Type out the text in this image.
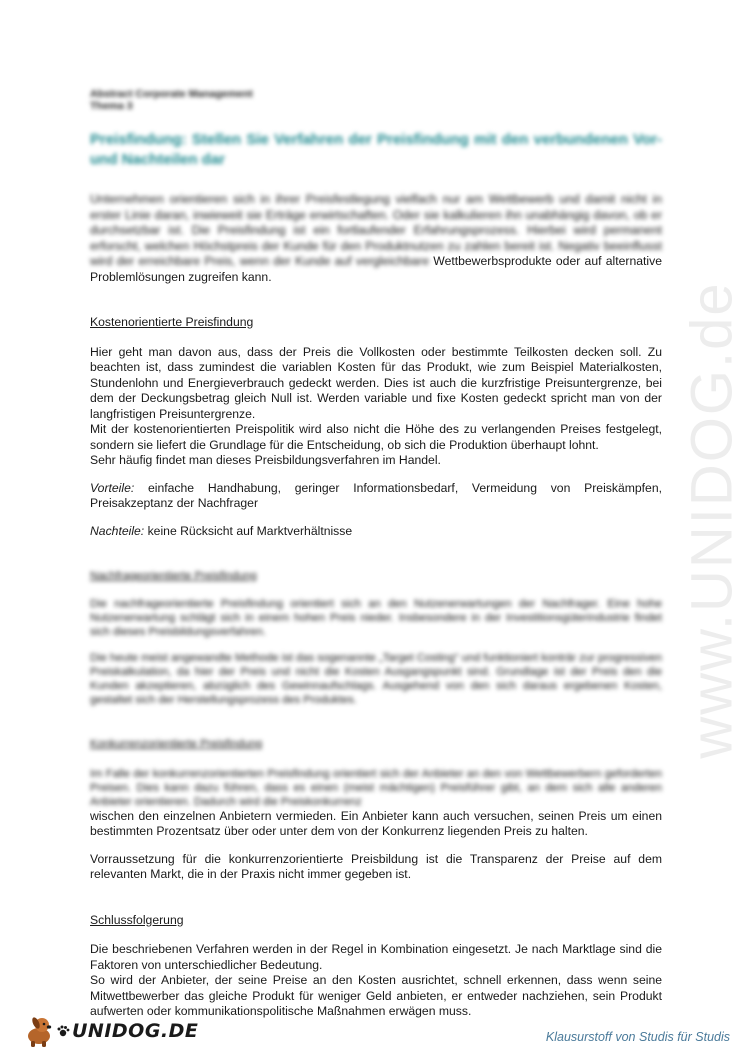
www.UNIDOG.de
Abstract Corporate Management
Thema 3
Preisfindung: Stellen Sie Verfahren der Preisfindung mit den verbundenen Vor- und Nachteilen dar

Unternehmen orientieren sich in ihrer Preisfestlegung vielfach nur am Wettbewerb und damit nicht in erster Linie daran, inwieweit sie Erträge erwirtschaften. Oder sie kalkulieren ihn unabhängig davon, ob er durchsetzbar ist. Die Preisfindung ist ein fortlaufender Erfahrungsprozess. Hierbei wird permanent erforscht, welchen Höchstpreis der Kunde für den Produktnutzen zu zahlen bereit ist. Negativ beeinflusst wird der erreichbare Preis, wenn der Kunde auf vergleichbare Wettbewerbsprodukte oder auf alternative Problemlösungen zugreifen kann.

Kostenorientierte Preisfindung

Hier geht man davon aus, dass der Preis die Vollkosten oder bestimmte Teilkosten decken soll. Zu beachten ist, dass zumindest die variablen Kosten für das Produkt, wie zum Beispiel Materialkosten, Stundenlohn und Energieverbrauch gedeckt werden. Dies ist auch die kurzfristige Preisuntergrenze, bei dem der Deckungsbetrag gleich Null ist. Werden variable und fixe Kosten gedeckt spricht man von der langfristigen Preisuntergrenze.

Mit der kostenorientierten Preispolitik wird also nicht die Höhe des zu verlangenden Preises festgelegt, sondern sie liefert die Grundlage für die Entscheidung, ob sich die Produktion überhaupt lohnt.

Sehr häufig findet man dieses Preisbildungsverfahren im Handel.

Vorteile: einfache Handhabung, geringer Informationsbedarf, Vermeidung von Preiskämpfen, Preisakzeptanz der Nachfrager

Nachteile: keine Rücksicht auf Marktverhältnisse

Nachfrageorientierte Preisfindung

Die nachfrageorientierte Preisfindung orientiert sich an den Nutzenerwartungen der Nachfrager. Eine hohe Nutzenerwartung schlägt sich in einem hohen Preis nieder. Insbesondere in der Investitionsgüterindustrie findet sich dieses Preisbildungsverfahren.

Die heute meist angewandte Methode ist das sogenannte „Target Costing“ und funktioniert konträr zur progressiven Preiskalkulation, da hier der Preis und nicht die Kosten Ausgangspunkt sind. Grundlage ist der Preis den die Kunden akzeptieren, abzüglich des Gewinnaufschlags. Ausgehend von den sich daraus ergebenen Kosten, gestaltet sich der Herstellungsprozess des Produktes.

Konkurrenzorientierte Preisfindung
Im Falle der konkurrenzorientierten Preisfindung orientiert sich der Anbieter an den von Wettbewerbern geforderten Preisen. Dies kann dazu führen, dass es einen (meist mächtigen) Preisführer gibt, an dem sich alle anderen Anbieter orientieren. Dadurch wird die Preiskonkurrenz

wischen den einzelnen Anbietern vermieden. Ein Anbieter kann auch versuchen, seinen Preis um einen bestimmten Prozentsatz über oder unter dem von der Konkurrenz liegenden Preis zu halten.

Vorraussetzung für die konkurrenzorientierte Preisbildung ist die Transparenz der Preise auf dem relevanten Markt, die in der Praxis nicht immer gegeben ist.

Schlussfolgerung

Die beschriebenen Verfahren werden in der Regel in Kombination eingesetzt. Je nach Marktlage sind die Faktoren von unterschiedlicher Bedeutung.

So wird der Anbieter, der seine Preise an den Kosten ausrichtet, schnell erkennen, dass wenn seine Mitwettbewerber das gleiche Produkt für weniger Geld anbieten, er entweder nachziehen, sein Produkt aufwerten oder kommunikationspolitische Maßnahmen erwägen muss.

UNIDOG.DE	Klausurstoff von Studis für Studis
